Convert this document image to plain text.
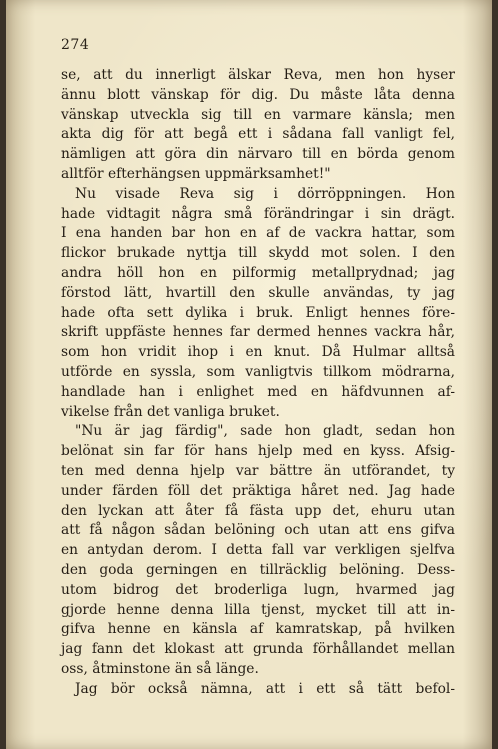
274
se, att du innerligt älskar Reva, men hon hyser
ännu blott vänskap för dig. Du måste låta denna
vänskap utveckla sig till en varmare känsla; men
akta dig för att begå ett i sådana fall vanligt fel,
nämligen att göra din närvaro till en börda genom
alltför efterhängsen uppmärksamhet!"
Nu visade Reva sig i dörröppningen. Hon
hade vidtagit några små förändringar i sin drägt.
I ena handen bar hon en af de vackra hattar, som
flickor brukade nyttja till skydd mot solen. I den
andra höll hon en pilformig metallprydnad; jag
förstod lätt, hvartill den skulle användas, ty jag
hade ofta sett dylika i bruk. Enligt hennes före-
skrift uppfäste hennes far dermed hennes vackra hår,
som hon vridit ihop i en knut. Då Hulmar alltså
utförde en syssla, som vanligtvis tillkom mödrarna,
handlade han i enlighet med en häfdvunnen af-
vikelse från det vanliga bruket.
"Nu är jag färdig", sade hon gladt, sedan hon
belönat sin far för hans hjelp med en kyss. Afsig-
ten med denna hjelp var bättre än utförandet, ty
under färden föll det präktiga håret ned. Jag hade
den lyckan att åter få fästa upp det, ehuru utan
att få någon sådan belöning och utan att ens gifva
en antydan derom. I detta fall var verkligen sjelfva
den goda gerningen en tillräcklig belöning. Dess-
utom bidrog det broderliga lugn, hvarmed jag
gjorde henne denna lilla tjenst, mycket till att in-
gifva henne en känsla af kamratskap, på hvilken
jag fann det klokast att grunda förhållandet mellan
oss, åtminstone än så länge.
Jag bör också nämna, att i ett så tätt befol-
